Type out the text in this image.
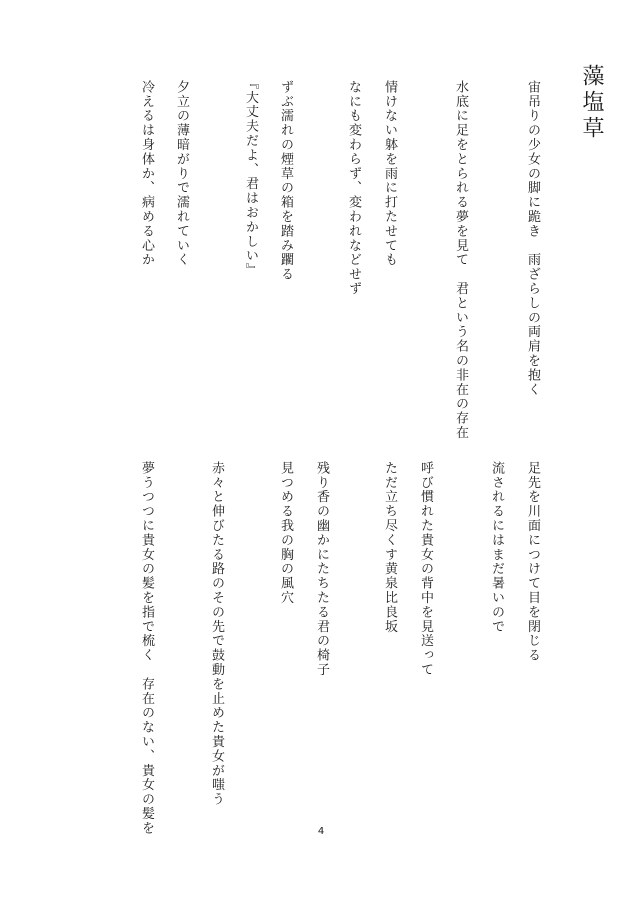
藻塩草
宙吊りの少女の脚に跪き　雨ざらしの両肩を抱く
水底に足をとられる夢を見て　君という名の非在の存在
情けない躰を雨に打たせても
なにも変わらず、変われなどせず
ずぶ濡れの煙草の箱を踏み躙る
『大丈夫だよ、君はおかしい』
夕立の薄暗がりで濡れていく
冷えるは身体か、病める心か
足先を川面につけて目を閉じる
流されるにはまだ暑いので
呼び慣れた貴女の背中を見送って
ただ立ち尽くす黄泉比良坂
残り香の幽かにたちたる君の椅子
見つめる我の胸の風穴
赤々と伸びたる路のその先で鼓動を止めた貴女が嗤う
夢うつつに貴女の髪を指で梳く　存在のない、貴女の髪を	4
